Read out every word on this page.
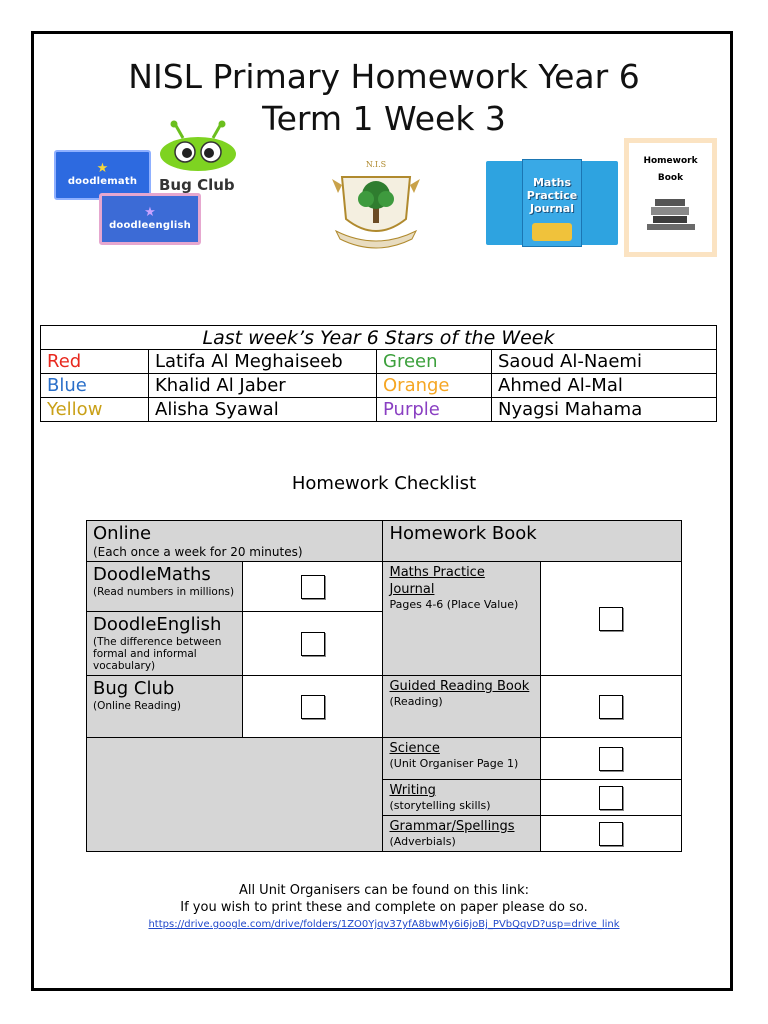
NISL Primary Homework Year 6
Term 1 Week 3
★
doodlemath
★
doodleenglish
Bug Club
N.I.S
Maths Practice Journal
Homework
Book
Last week’s Year 6 Stars of the Week			
Red	Latifa Al Meghaiseeb	Green	Saoud Al-Naemi
Blue	Khalid Al Jaber	Orange	Ahmed Al-Mal
Yellow	Alisha Syawal	Purple	Nyagsi Mahama
Homework Checklist
Online
(Each once a week for 20 minutes)		Homework Book	

DoodleMaths
(Read numbers in millions)		Maths Practice Journal
Pages 4-6 (Place Value)	

DoodleEnglish
(The difference between formal and informal vocabulary)			

Bug Club
(Online Reading)		Guided Reading Book
(Reading)	

		Science
(Unit Organiser Page 1)	

		Writing
(storytelling skills)	

		Grammar/Spellings
(Adverbials)	
All Unit Organisers can be found on this link:
If you wish to print these and complete on paper please do so.
https://drive.google.com/drive/folders/1ZO0Yjqv37yfA8bwMy6i6joBj_PVbQqvD?usp=drive_link
